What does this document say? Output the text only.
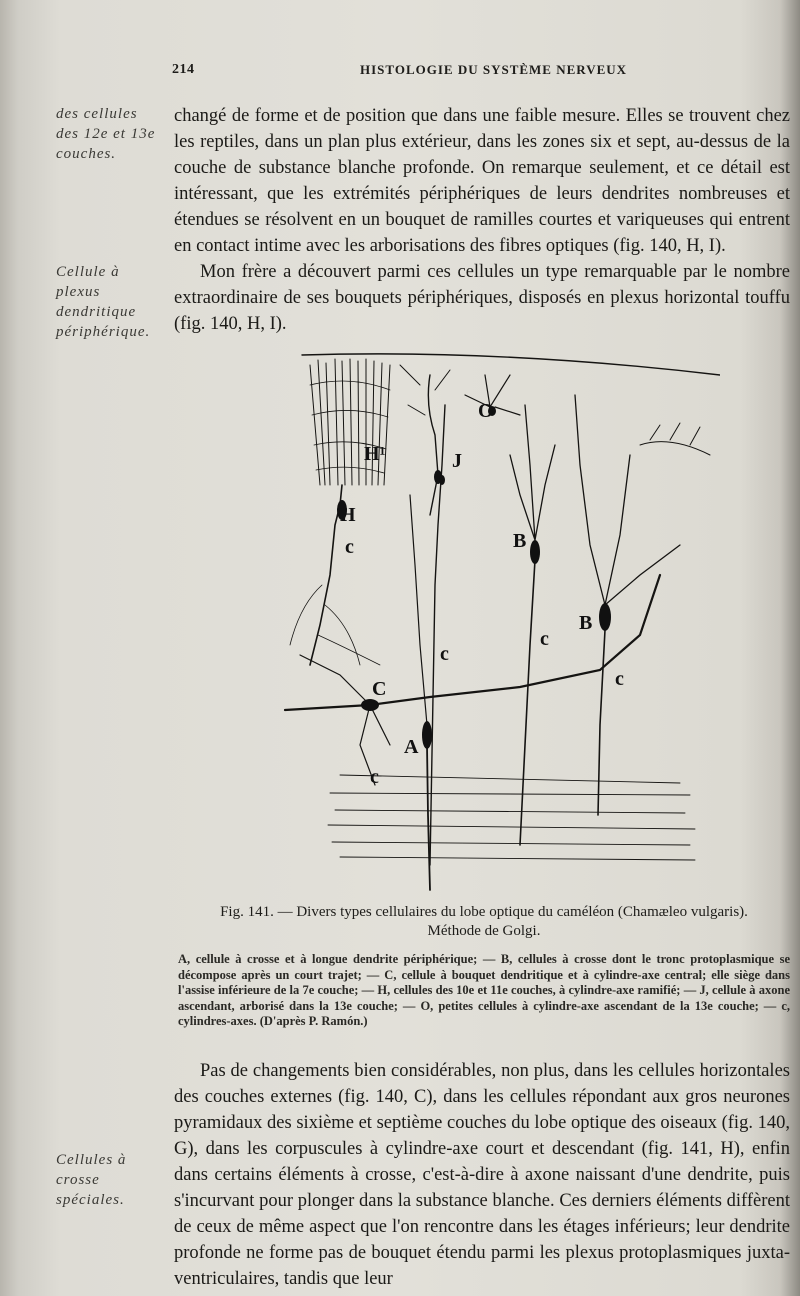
214	HISTOLOGIE DU SYSTÈME NERVEUX
des cellules des 12e et 13e couches.
Cellule à plexus dendritique périphérique.
Cellules à crosse spéciales.

changé de forme et de position que dans une faible mesure. Elles se trouvent chez les reptiles, dans un plan plus extérieur, dans les zones six et sept, au-dessus de la couche de substance blanche profonde. On remarque seulement, et ce détail est intéressant, que les extrémités périphériques de leurs dendrites nombreuses et étendues se résolvent en un bouquet de ramilles courtes et variqueuses qui entrent en contact intime avec les arborisations des fibres optiques (fig. 140, H, I).

Mon frère a découvert parmi ces cellules un type remarquable par le nombre extraordinaire de ses bouquets périphériques, disposés en plexus horizontal touffu (fig. 140, H, I).

H¹	J
O
H
c	B
B
c
c
c
C
A
c
Fig. 141. — Divers types cellulaires du lobe optique du caméléon (Chamæleo vulgaris).
Méthode de Golgi.
A, cellule à crosse et à longue dendrite périphérique; — B, cellules à crosse dont le tronc protoplasmique se décompose après un court trajet; — C, cellule à bouquet dendritique et à cylindre-axe central; elle siège dans l'assise inférieure de la 7e couche; — H, cellules des 10e et 11e couches, à cylindre-axe ramifié; — J, cellule à axone ascendant, arborisé dans la 13e couche; — O, petites cellules à cylindre-axe ascendant de la 13e couche; — c, cylindres-axes. (D'après P. Ramón.)

Pas de changements bien considérables, non plus, dans les cellules horizontales des couches externes (fig. 140, C), dans les cellules répondant aux gros neurones pyramidaux des sixième et septième couches du lobe optique des oiseaux (fig. 140, G), dans les corpuscules à cylindre-axe court et descendant (fig. 141, H), enfin dans certains éléments à crosse, c'est-à-dire à axone naissant d'une dendrite, puis s'incurvant pour plonger dans la substance blanche. Ces derniers éléments diffèrent de ceux de même aspect que l'on rencontre dans les étages inférieurs; leur dendrite profonde ne forme pas de bouquet étendu parmi les plexus protoplasmiques juxta-ventriculaires, tandis que leur
